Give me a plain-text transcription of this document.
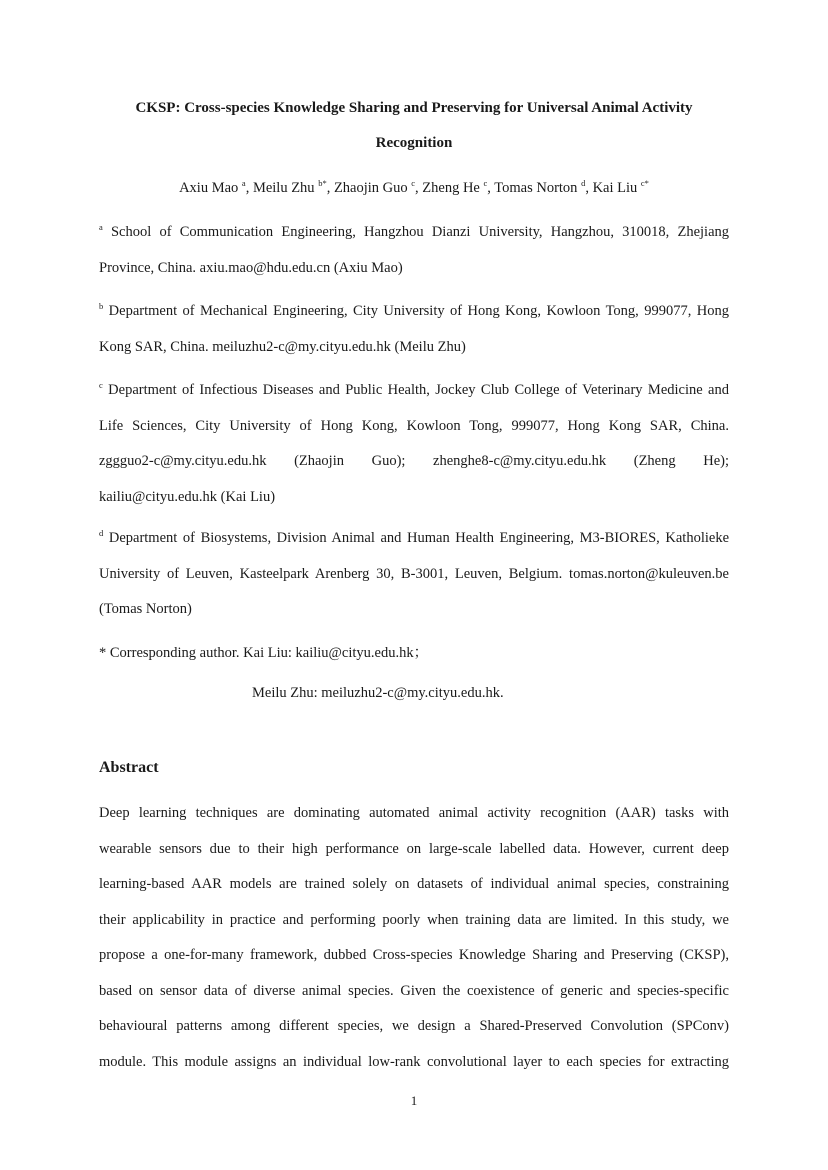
CKSP: Cross-species Knowledge Sharing and Preserving for Universal Animal Activity
Recognition
Axiu Mao $^a$, Meilu Zhu $^{b*}$, Zhaojin Guo $^c$, Zheng He $^c$, Tomas Norton $^d$, Kai Liu $^{c*}$
$^a$ School of Communication Engineering, Hangzhou Dianzi University, Hangzhou, 310018, Zhejiang
Province, China. axiu.mao@hdu.edu.cn (Axiu Mao)
$^b$ Department of Mechanical Engineering, City University of Hong Kong, Kowloon Tong, 999077, Hong
Kong SAR, China. meiluzhu2-c@my.cityu.edu.hk (Meilu Zhu)
$^c$ Department of Infectious Diseases and Public Health, Jockey Club College of Veterinary Medicine and
Life Sciences, City University of Hong Kong, Kowloon Tong, 999077, Hong Kong SAR, China.
zggguo2-c@my.cityu.edu.hk (Zhaojin Guo); zhenghe8-c@my.cityu.edu.hk (Zheng He);
kailiu@cityu.edu.hk (Kai Liu)
$^d$ Department of Biosystems, Division Animal and Human Health Engineering, M3-BIORES, Katholieke
University of Leuven, Kasteelpark Arenberg 30, B-3001, Leuven, Belgium. tomas.norton@kuleuven.be
(Tomas Norton)
* Corresponding author. Kai Liu: kailiu@cityu.edu.hk；
Meilu Zhu: meiluzhu2-c@my.cityu.edu.hk.
Abstract
Deep learning techniques are dominating automated animal activity recognition (AAR) tasks with
wearable sensors due to their high performance on large-scale labelled data. However, current deep
learning-based AAR models are trained solely on datasets of individual animal species, constraining
their applicability in practice and performing poorly when training data are limited. In this study, we
propose a one-for-many framework, dubbed Cross-species Knowledge Sharing and Preserving (CKSP),
based on sensor data of diverse animal species. Given the coexistence of generic and species-specific
behavioural patterns among different species, we design a Shared-Preserved Convolution (SPConv)
module. This module assigns an individual low-rank convolutional layer to each species for extracting
1
